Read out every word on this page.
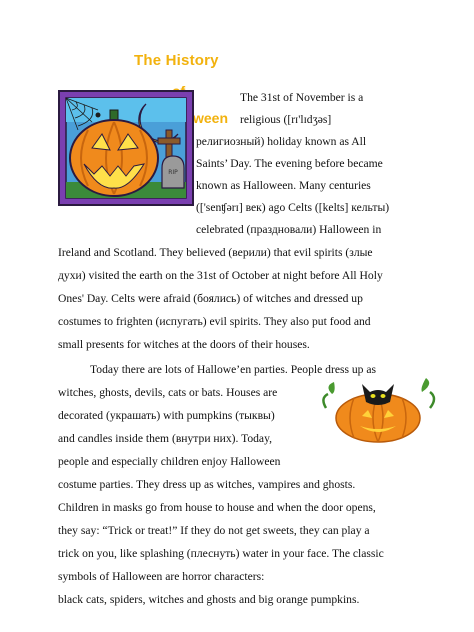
The History
ween
RIP
The 31st of November is a
religious ([rɪ'lɪdʒəs]
религиозный) holiday known as All
Saints’ Day. The evening before became
known as Halloween. Many centuries
(['senʧərɪ] век) ago Celts ([kelts] кельты)
celebrated (праздновали) Halloween in
Ireland and Scotland. They believed (верили) that evil spirits (злые
духи) visited the earth on the 31st of October at night before All Holy
Ones' Day. Celts were afraid (боялись) of witches and dressed up
costumes to frighten (испугать) evil spirits. They also put food and
small presents for witches at the doors of their houses.
Today there are lots of Hallowe’en parties. People dress up as
witches, ghosts, devils, cats or bats. Houses are
decorated (украшать) with pumpkins (тыквы)
and candles inside them (внутри них). Today,
people and especially children enjoy Halloween
costume parties. They dress up as witches, vampires and ghosts.
Children in masks go from house to house and when the door opens,
they say: “Trick or treat!” If they do not get sweets, they can play a
trick on you, like splashing (плеснуть) water in your face. The classic
symbols of Halloween are horror characters:
black cats, spiders, witches and ghosts and big orange pumpkins.
